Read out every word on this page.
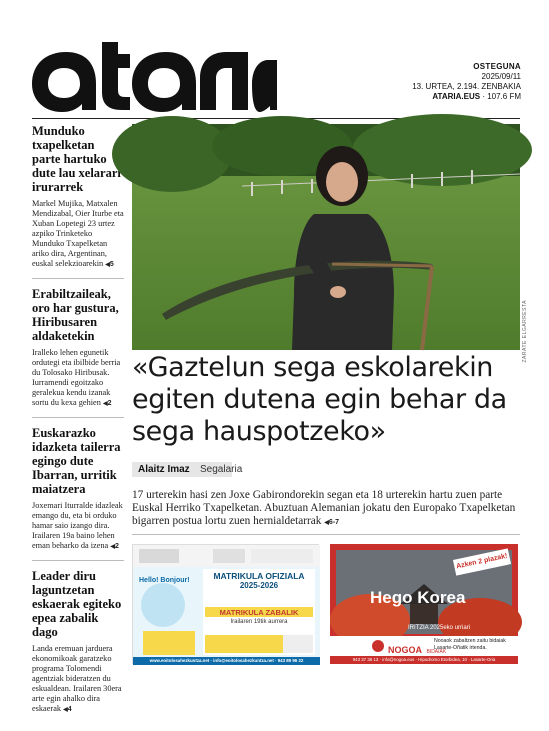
OSTEGUNA
2025/09/11
13. URTEA, 2.194. ZENBAKIA
ATARIA.EUS · 107.6 FM
Munduko txapelketan parte hartuko dute lau xelarari irurarrek

Markel Mujika, Matxalen Mendizabal, Oier Iturbe eta Xuban Lopetegi 23 urtez azpiko Trinketeko Munduko Txapelketan ariko dira, Argentinan, euskal selekzioarekin ◀5

Erabiltzaileak, oro har gustura, Hiribusaren aldaketekin

Iralleko lehen egunetik ordutegi eta ibilbide berria du Tolosako Hiribusak. Iurramendi egoitzako geralekua kendu izanak sortu du kexa gehien ◀2

Euskarazko idazketa tailerra egingo dute Ibarran, urritik maiatzera

Joxemari Iturralde idazleak emango du, eta bi orduko hamar saio izango dira. Irailaren 19a baino lehen eman beharko da izena ◀2

Leader diru laguntzetan eskaerak egiteko epea zabalik dago

Landa eremuan jarduera ekonomikoak garatzeko programa Tolomendi agentziak bideratzen du eskualdean. Irailaren 30era arte egin ahalko dira eskaerak ◀4

ZARATE ELGARRESTA
«Gaztelun sega eskolarekin egiten dutena egin behar da sega hauspotzeko»
Alaitz Imaz Segalaria

17 urterekin hasi zen Joxe Gabirondorekin segan eta 18 urterekin hartu zuen parte Euskal Herriko Txapelketan. Abuztuan Alemanian jokatu den Europako Txapelketan bigarren postua lortu zuen hernialdetarrak ◀6-7

Hello! Bonjour!	MATRIKULA OFIZIALA
2025-2026
MATRIKULA ZABALIK
Irailaren 19tik aurrera
www.eoitolosahezkuntza.net · info@eoitolosahezkuntza.net · 943 89 96 22
Azken 2 plazak!
Hego Korea
IRITZIA 2025eko urriari
NOGOA BIDAIAK
Nooaok zabaltzen zaitu bidaiak Lasarte-Oñatik irtenda.
943 37 36 13 · info@nogoa.eus · Hipodromo Etorbidea, 10 · Lasarte-Oria
